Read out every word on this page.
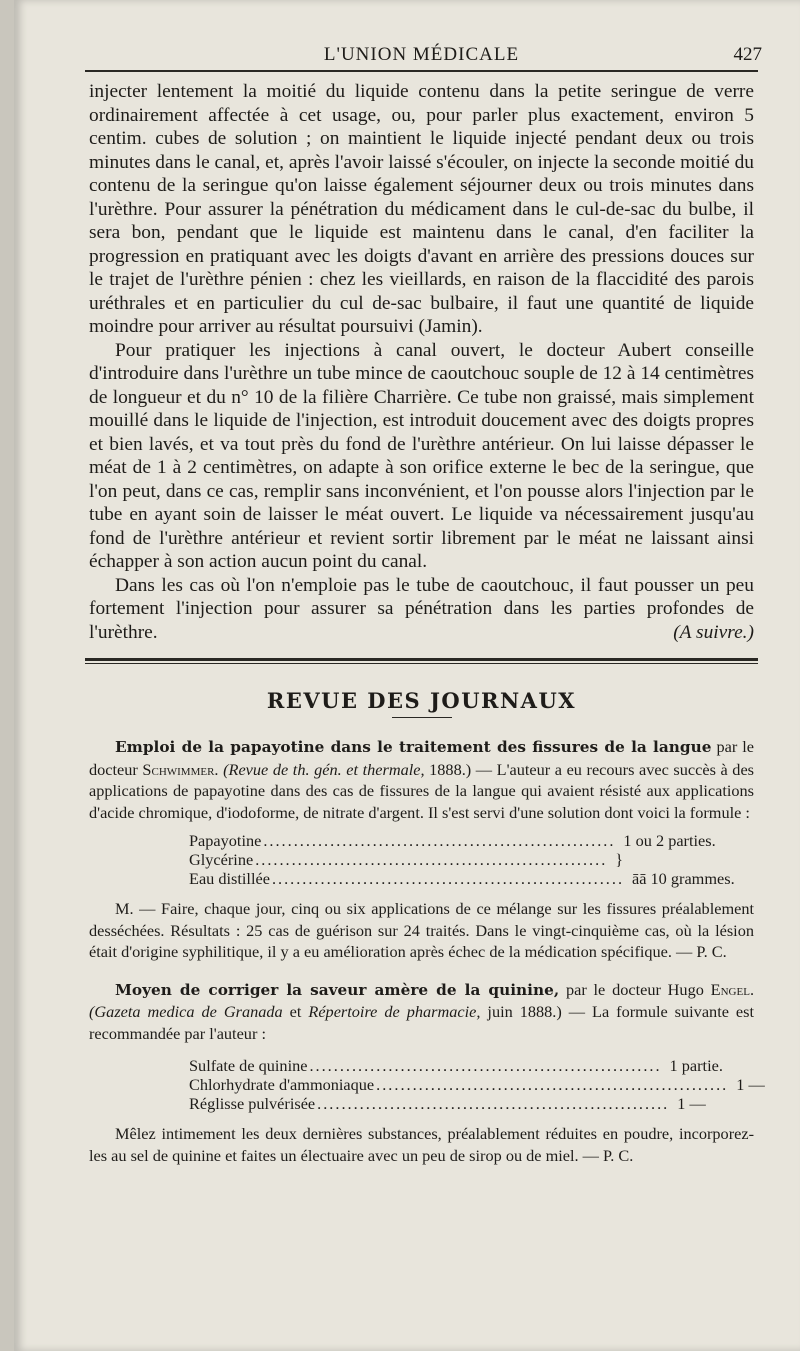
L'UNION MÉDICALE	427

injecter lentement la moitié du liquide contenu dans la petite seringue de verre ordinairement affectée à cet usage, ou, pour parler plus exactement, environ 5 centim. cubes de solution ; on maintient le liquide injecté pendant deux ou trois minutes dans le canal, et, après l'avoir laissé s'écouler, on injecte la seconde moitié du contenu de la seringue qu'on laisse également séjourner deux ou trois minutes dans l'urèthre. Pour assurer la pénétration du médicament dans le cul-de-sac du bulbe, il sera bon, pendant que le liquide est maintenu dans le canal, d'en faciliter la progression en pratiquant avec les doigts d'avant en arrière des pressions douces sur le trajet de l'urèthre pénien : chez les vieillards, en raison de la flaccidité des parois uréthrales et en particulier du cul de-sac bulbaire, il faut une quantité de liquide moindre pour arriver au résultat poursuivi (Jamin).

Pour pratiquer les injections à canal ouvert, le docteur Aubert conseille d'introduire dans l'urèthre un tube mince de caoutchouc souple de 12 à 14 centimètres de longueur et du n° 10 de la filière Charrière. Ce tube non graissé, mais simplement mouillé dans le liquide de l'injection, est introduit doucement avec des doigts propres et bien lavés, et va tout près du fond de l'urèthre antérieur. On lui laisse dépasser le méat de 1 à 2 centimètres, on adapte à son orifice externe le bec de la seringue, que l'on peut, dans ce cas, remplir sans inconvénient, et l'on pousse alors l'injection par le tube en ayant soin de laisser le méat ouvert. Le liquide va nécessairement jusqu'au fond de l'urèthre antérieur et revient sortir librement par le méat ne laissant ainsi échapper à son action aucun point du canal.

Dans les cas où l'on n'emploie pas le tube de caoutchouc, il faut pousser un peu fortement l'injection pour assurer sa pénétration dans les parties profondes de l'urèthre.	(A suivre.)

REVUE DES JOURNAUX

Emploi de la papayotine dans le traitement des fissures de la langue par le docteur Schwimmer. (Revue de th. gén. et thermale, 1888.) — L'auteur a eu recours avec succès à des applications de papayotine dans des cas de fissures de la langue qui avaient résisté aux applications d'acide chromique, d'iodoforme, de nitrate d'argent. Il s'est servi d'une solution dont voici la formule :

Papayotine .......................................................... 1 ou 2 parties.
Glycérine .......................................................... }
Eau distillée .......................................................... āā 10 grammes.

M. — Faire, chaque jour, cinq ou six applications de ce mélange sur les fissures préalablement desséchées. Résultats : 25 cas de guérison sur 24 traités. Dans le vingt-cinquième cas, où la lésion était d'origine syphilitique, il y a eu amélioration après échec de la médication spécifique. — P. C.

Moyen de corriger la saveur amère de la quinine, par le docteur Hugo Engel. (Gazeta medica de Granada et Répertoire de pharmacie, juin 1888.) — La formule suivante est recommandée par l'auteur :

Sulfate de quinine .......................................................... 1 partie.
Chlorhydrate d'ammoniaque .......................................................... 1 —
Réglisse pulvérisée .......................................................... 1 —

Mêlez intimement les deux dernières substances, préalablement réduites en poudre, incorporez-les au sel de quinine et faites un électuaire avec un peu de sirop ou de miel. — P. C.
